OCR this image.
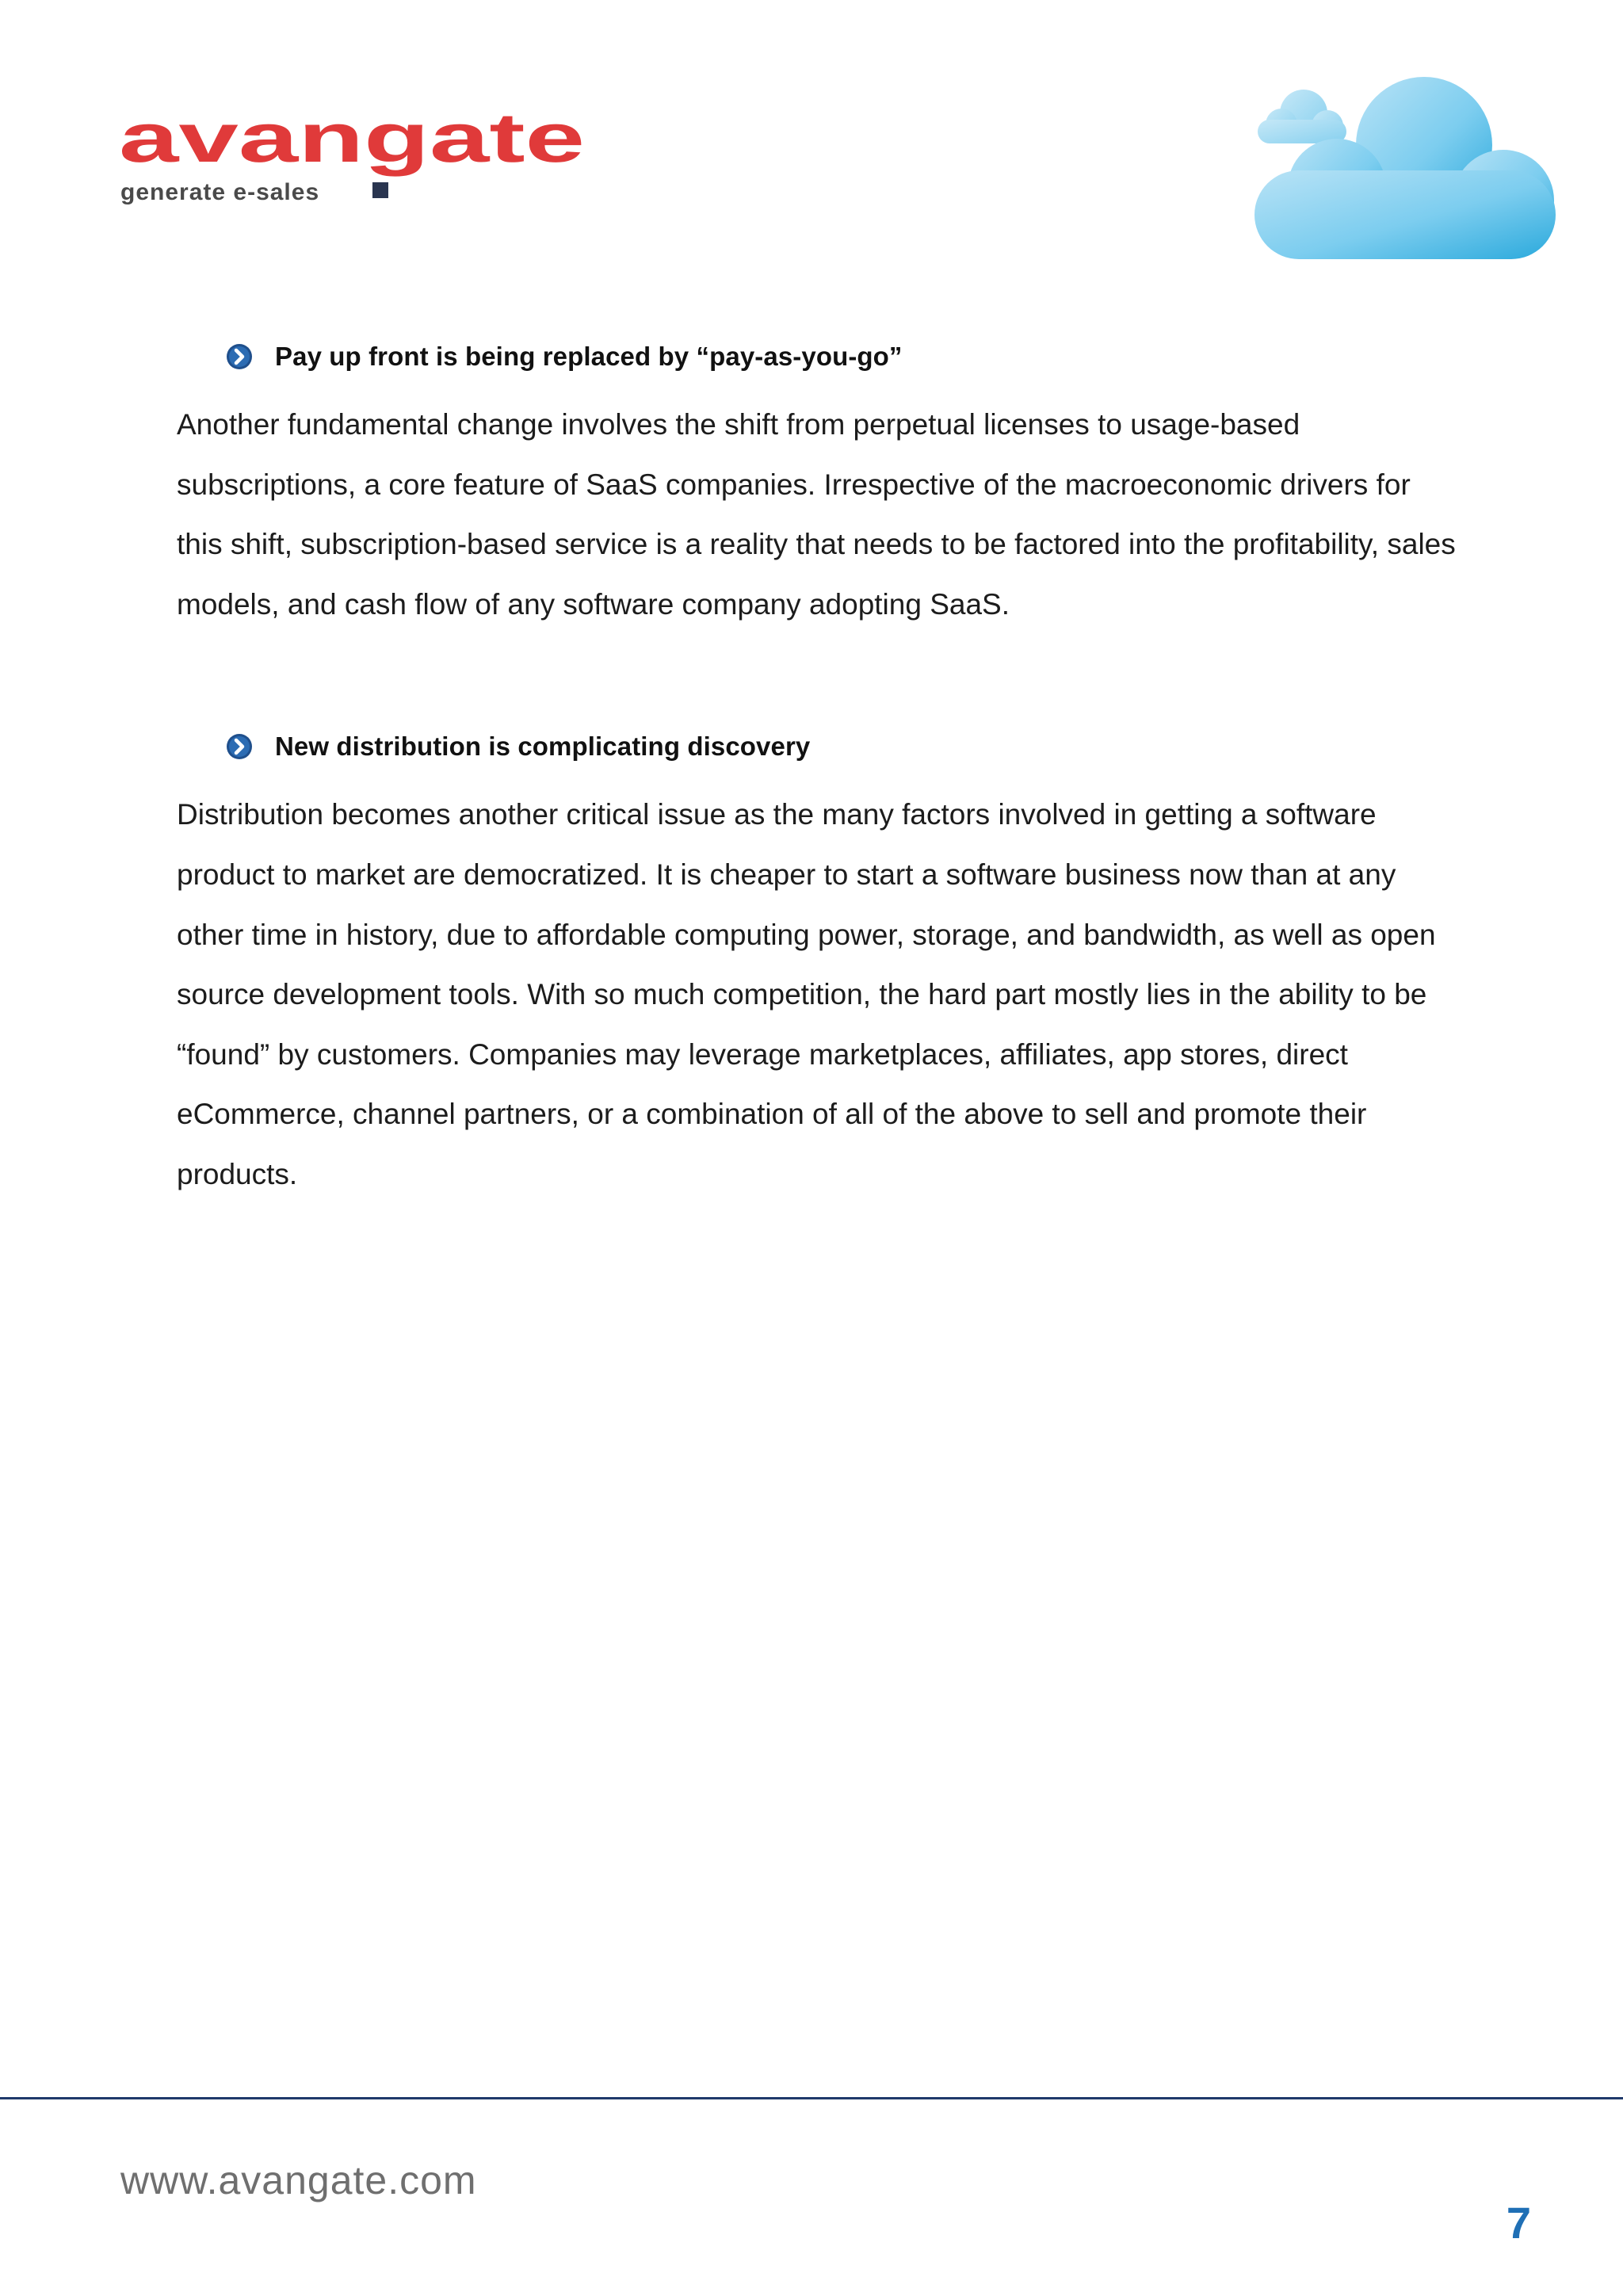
avangate
generate e-sales
Pay up front is being replaced by “pay-as-you-go”

Another fundamental change involves the shift from perpetual licenses to usage-based subscriptions, a core feature of SaaS companies. Irrespective of the macroeconomic drivers for this shift, subscription-based service is a reality that needs to be factored into the profitability, sales models, and cash flow of any software company adopting SaaS.

New distribution is complicating discovery

Distribution becomes another critical issue as the many factors involved in getting a software product to market are democratized. It is cheaper to start a software business now than at any other time in history, due to affordable computing power, storage, and bandwidth, as well as open source development tools. With so much competition, the hard part mostly lies in the ability to be “found” by customers. Companies may leverage marketplaces, affiliates, app stores, direct eCommerce, channel partners, or a combination of all of the above to sell and promote their products.

www.avangate.com
7
